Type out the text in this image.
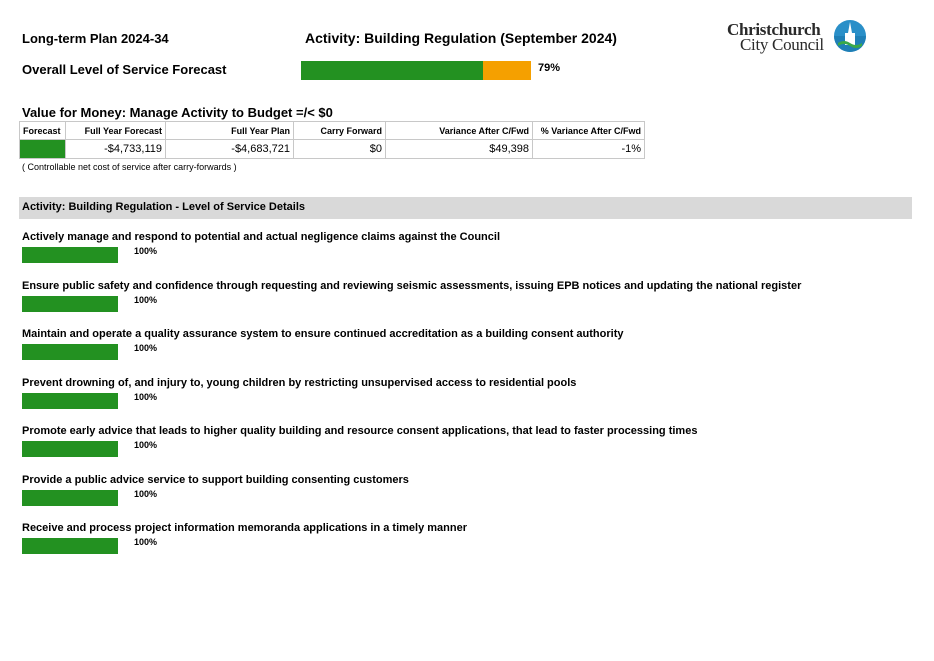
Long-term Plan 2024-34	Activity: Building Regulation (September 2024)	Christchurch
City Council
Overall Level of Service Forecast	79%
Value for Money: Manage Activity to Budget =/< $0
Forecast	Full Year Forecast	Full Year Plan	Carry Forward	Variance After C/Fwd	% Variance After C/Fwd
	-$4,733,119	-$4,683,721	$0	$49,398	-1%
( Controllable net cost of service after carry-forwards )
Activity: Building Regulation - Level of Service Details
Actively manage and respond to potential and actual negligence claims against the Council
100%
Ensure public safety and confidence through requesting and reviewing seismic assessments, issuing EPB notices and updating the national register
100%
Maintain and operate a quality assurance system to ensure continued accreditation as a building consent authority
100%
Prevent drowning of, and injury to, young children by restricting unsupervised access to residential pools
100%
Promote early advice that leads to higher quality building and resource consent applications, that lead to faster processing times
100%
Provide a public advice service to support building consenting customers
100%
Receive and process project information memoranda applications in a timely manner
100%
